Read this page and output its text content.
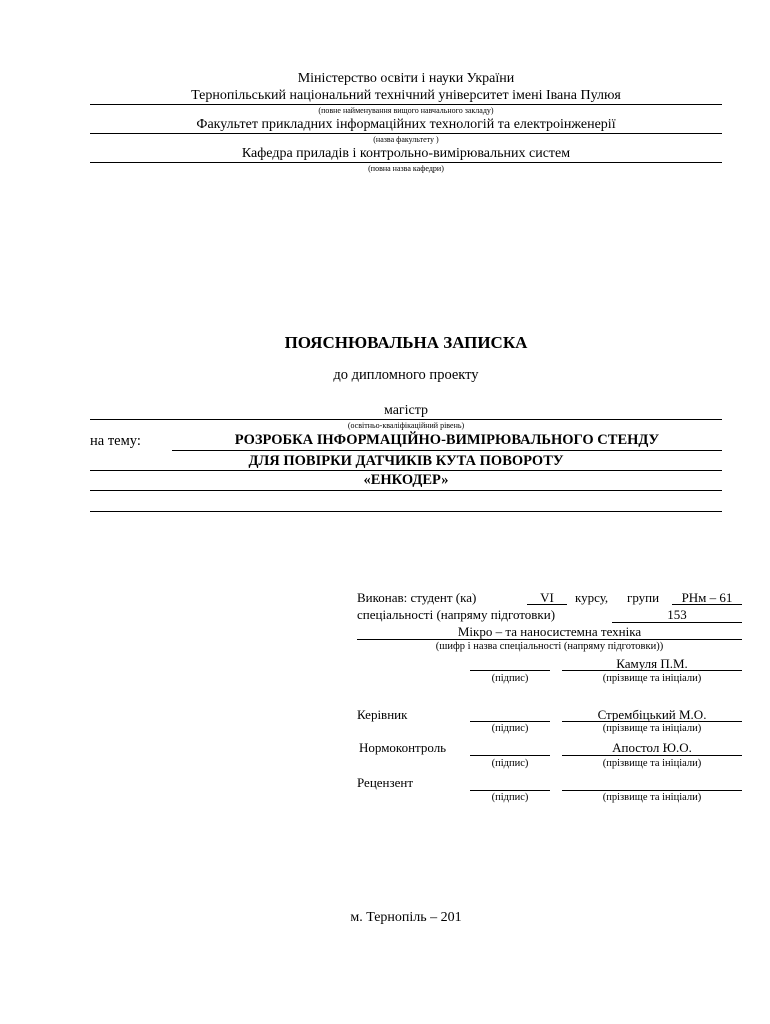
Міністерство освіти і науки України
Тернопільський національний технічний університет імені Івана Пулюя
(повне найменування вищого навчального закладу)
Факультет прикладних інформаційних технологій та електроінженерії
(назва факультету )
Кафедра приладів і контрольно-вимірювальних систем
(повна назва кафедри)
ПОЯСНЮВАЛЬНА ЗАПИСКА
до дипломного проекту
магістр
(освітньо-кваліфікаційний рівень)
на тему:	РОЗРОБКА ІНФОРМАЦІЙНО-ВИМІРЮВАЛЬНОГО СТЕНДУ
ДЛЯ ПОВІРКИ ДАТЧИКІВ КУТА ПОВОРОТУ
«ЕНКОДЕР»
Виконав: студент (ка)	VI	курсу, групи	РНм – 61
спеціальності (напряму підготовки)	153
Мікро – та наносистемна техніка
(шифр і назва спеціальності (напряму підготовки))
Камуля П.М.
(підпис)	(прізвище та ініціали)
Керівник	Стрембіцький М.О.
(підпис)	(прізвище та ініціали)
Нормоконтроль	Апостол Ю.О.
(підпис)	(прізвище та ініціали)
Рецензент
(підпис)	(прізвище та ініціали)
м. Тернопіль – 201
